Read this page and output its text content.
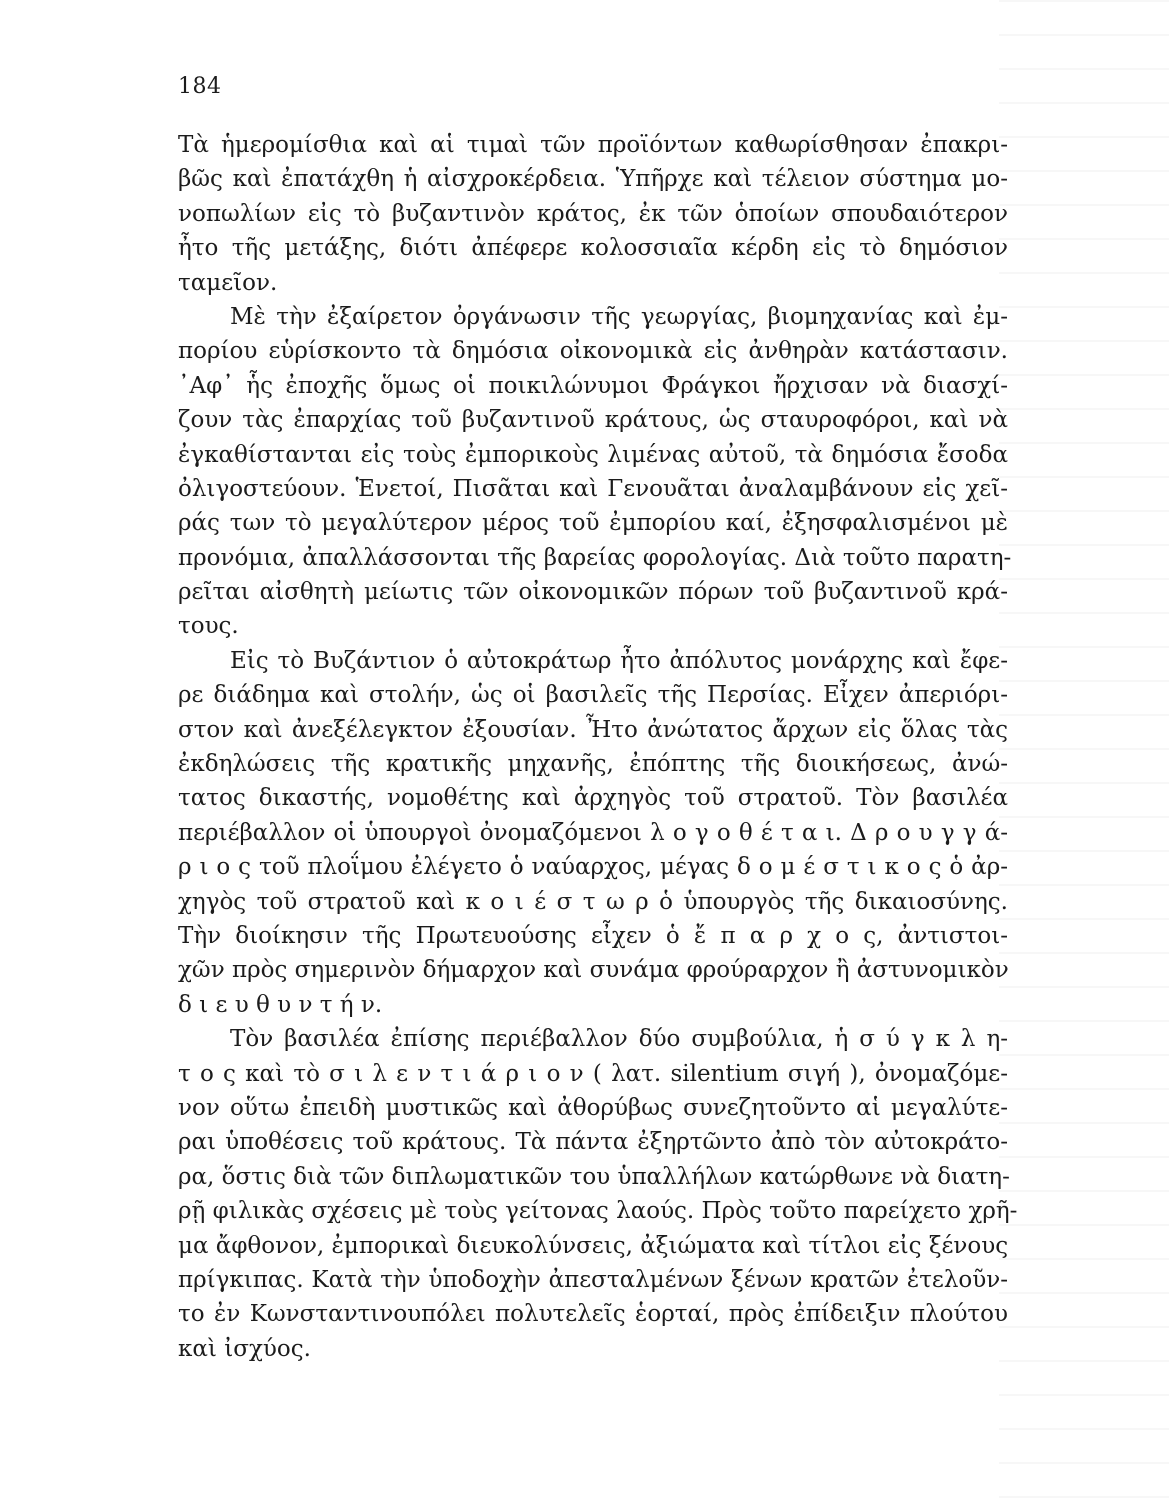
184
Τὰ ἡμερομίσθια καὶ αἱ τιμαὶ τῶν προϊόντων καθωρίσθησαν ἐπακρι-
βῶς καὶ ἐπατάχθη ἡ αἰσχροκέρδεια. Ὑπῆρχε καὶ τέλειον σύστημα μο-
νοπωλίων εἰς τὸ βυζαντινὸν κράτος, ἐκ τῶν ὁποίων σπουδαιότερον
ἦτο τῆς μετάξης, διότι ἀπέφερε κολοσσιαῖα κέρδη εἰς τὸ δημόσιον
ταμεῖον.
Μὲ τὴν ἐξαίρετον ὀργάνωσιν τῆς γεωργίας, βιομηχανίας καὶ ἐμ-
πορίου εὑρίσκοντο τὰ δημόσια οἰκονομικὰ εἰς ἀνθηρὰν κατάστασιν.
᾿Αφ᾿ ἧς ἐποχῆς ὅμως οἱ ποικιλώνυμοι Φράγκοι ἤρχισαν νὰ διασχί-
ζουν τὰς ἐπαρχίας τοῦ βυζαντινοῦ κράτους, ὡς σταυροφόροι, καὶ νὰ
ἐγκαθίστανται εἰς τοὺς ἐμπορικοὺς λιμένας αὐτοῦ, τὰ δημόσια ἔσοδα
ὀλιγοστεύουν. Ἑνετοί, Πισᾶται καὶ Γενουᾶται ἀναλαμβάνουν εἰς χεῖ-
ράς των τὸ μεγαλύτερον μέρος τοῦ ἐμπορίου καί, ἐξησφαλισμένοι μὲ
προνόμια, ἀπαλλάσσονται τῆς βαρείας φορολογίας. Διὰ τοῦτο παρατη-
ρεῖται αἰσθητὴ μείωτις τῶν οἰκονομικῶν πόρων τοῦ βυζαντινοῦ κρά-
τους.
Εἰς τὸ Βυζάντιον ὁ αὐτοκράτωρ ἦτο ἀπόλυτος μονάρχης καὶ ἔφε-
ρε διάδημα καὶ στολήν, ὡς οἱ βασιλεῖς τῆς Περσίας. Εἶχεν ἀπεριόρι-
στον καὶ ἀνεξέλεγκτον ἐξουσίαν. Ἦτο ἀνώτατος ἄρχων εἰς ὅλας τὰς
ἐκδηλώσεις τῆς κρατικῆς μηχανῆς, ἐπόπτης τῆς διοικήσεως, ἀνώ-
τατος δικαστής, νομοθέτης καὶ ἀρχηγὸς τοῦ στρατοῦ. Τὸν βασιλέα
περιέβαλλον οἱ ὑπουργοὶ ὀνομαζόμενοι λ ο γ ο θ έ τ α ι. Δ ρ ο υ γ γ ά-
ρ ι ο ς τοῦ πλοΐμου ἐλέγετο ὁ ναύαρχος, μέγας δ ο μ έ σ τ ι κ ο ς ὁ ἀρ-
χηγὸς τοῦ στρατοῦ καὶ κ ο ι έ σ τ ω ρ ὁ ὑπουργὸς τῆς δικαιοσύνης.
Τὴν διοίκησιν τῆς Πρωτευούσης εἶχεν ὁ ἔ π α ρ χ ο ς, ἀντιστοι-
χῶν πρὸς σημερινὸν δήμαρχον καὶ συνάμα φρούραρχον ἢ ἀστυνομικὸν
δ ι ε υ θ υ ν τ ή ν.
Τὸν βασιλέα ἐπίσης περιέβαλλον δύο συμβούλια, ἡ σ ύ γ κ λ η-
τ ο ς καὶ τὸ σ ι λ ε ν τ ι ά ρ ι ο ν ( λατ. silentium σιγή ), ὀνομαζόμε-
νον οὕτω ἐπειδὴ μυστικῶς καὶ ἀθορύβως συνεζητοῦντο αἱ μεγαλύτε-
ραι ὑποθέσεις τοῦ κράτους. Τὰ πάντα ἐξηρτῶντο ἀπὸ τὸν αὐτοκράτο-
ρα, ὅστις διὰ τῶν διπλωματικῶν του ὑπαλλήλων κατώρθωνε νὰ διατη-
ρῇ φιλικὰς σχέσεις μὲ τοὺς γείτονας λαούς. Πρὸς τοῦτο παρείχετο χρῆ-
μα ἄφθονον, ἐμπορικαὶ διευκολύνσεις, ἀξιώματα καὶ τίτλοι εἰς ξένους
πρίγκιπας. Κατὰ τὴν ὑποδοχὴν ἀπεσταλμένων ξένων κρατῶν ἐτελοῦν-
το ἐν Κωνσταντινουπόλει πολυτελεῖς ἑορταί, πρὸς ἐπίδειξιν πλούτου
καὶ ἰσχύος.
